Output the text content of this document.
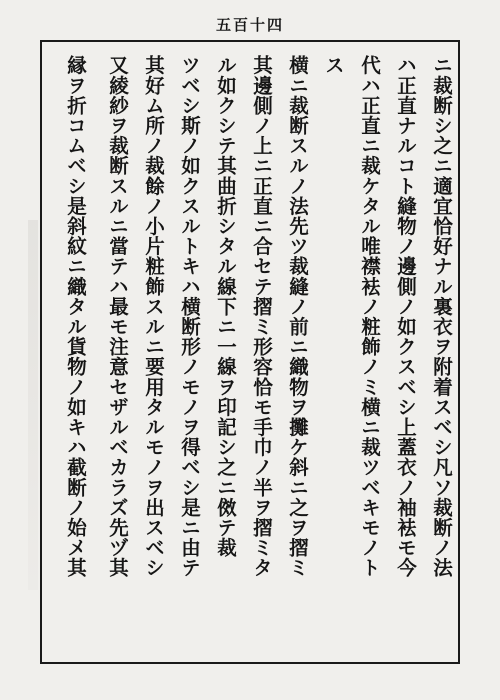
五百十四
ニ裁断シ之ニ適宜恰好ナル裏衣ヲ附着スベシ凡ソ裁断ノ法
ハ正直ナルコト縫物ノ邊側ノ如クスベシ上蓋衣ノ袖袪モ今
代ハ正直ニ裁ケタル唯襟袪ノ粧飾ノミ横ニ裁ツベキモノト
ス
横ニ裁断スルノ法先ツ裁縫ノ前ニ織物ヲ攤ケ斜ニ之ヲ摺ミ
其邊側ノ上ニ正直ニ合セテ摺ミ形容恰モ手巾ノ半ヲ摺ミタ
ル如クシテ其曲折シタル線下ニ一線ヲ印記シ之ニ傚テ裁
ツベシ斯ノ如クスルトキハ横断形ノモノヲ得ベシ是ニ由テ
其好ム所ノ裁餘ノ小片粧飾スルニ要用タルモノヲ出スベシ
又綾紗ヲ裁断スルニ當テハ最モ注意セザルベカラズ先ヅ其
縁ヲ折コムベシ是斜紋ニ織タル貨物ノ如キハ截断ノ始メ其
